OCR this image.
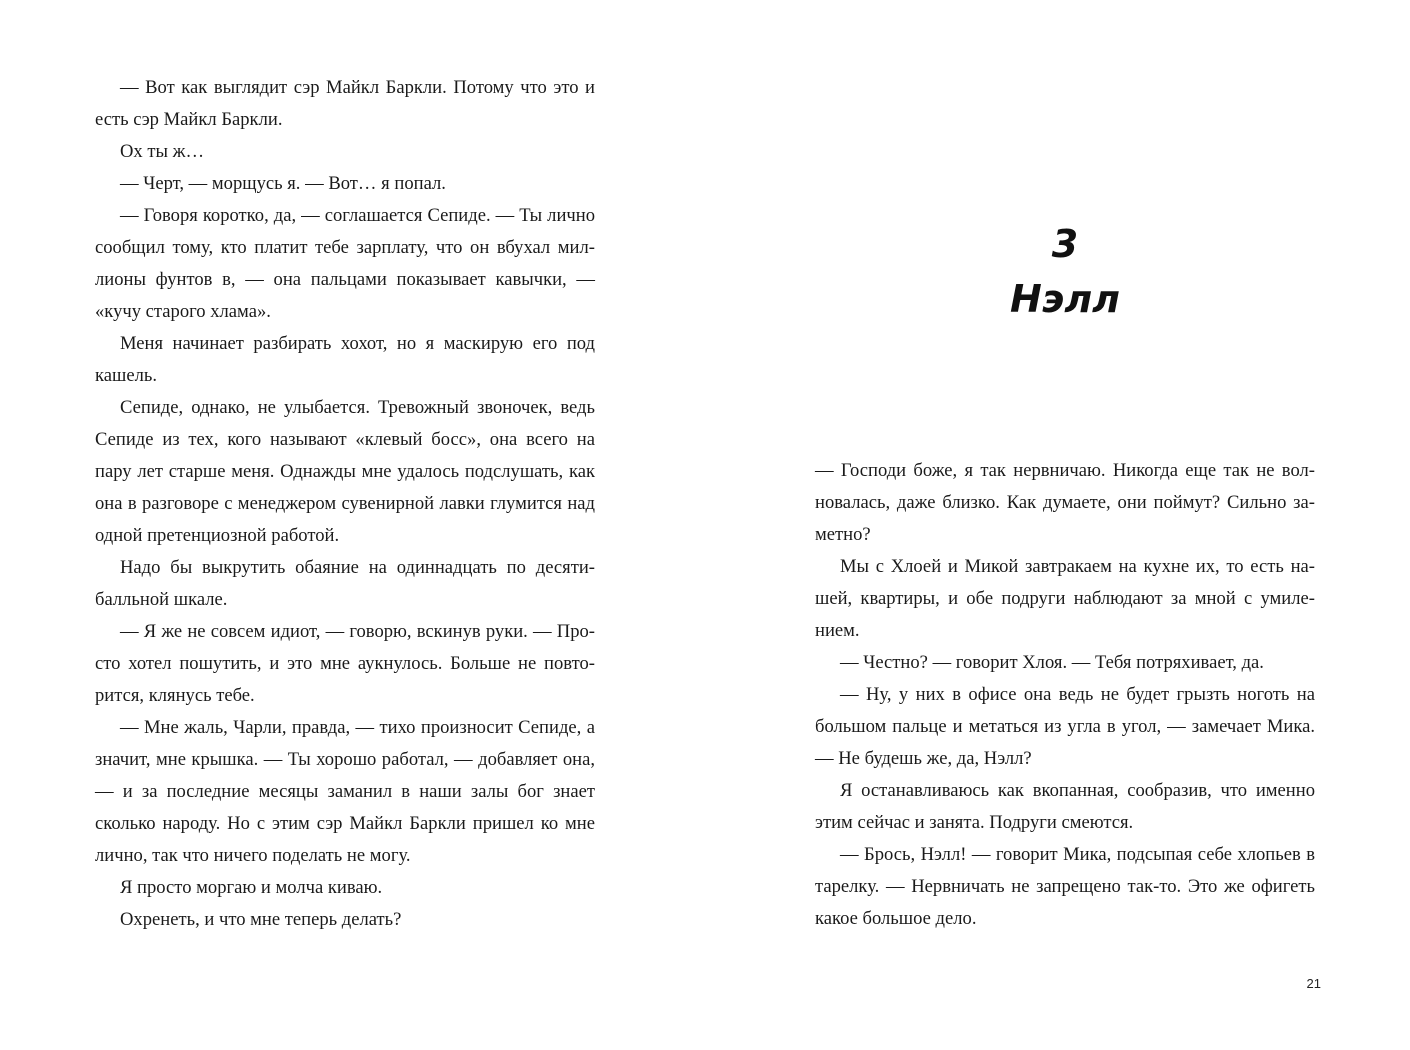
— Вот как выглядит сэр Майкл Баркли. Потому что это и есть сэр Майкл Баркли.

Ох ты ж…

— Черт, — морщусь я. — Вот… я попал.

— Говоря коротко, да, — соглашается Сепиде. — Ты лично сообщил тому, кто платит тебе зарплату, что он вбухал миллионы фунтов в, — она пальцами показывает кавычки, — «кучу старого хлама».

Меня начинает разбирать хохот, но я маскирую его под кашель.

Сепиде, однако, не улыбается. Тревожный звоночек, ведь Сепиде из тех, кого называют «клевый босс», она всего на пару лет старше меня. Однажды мне удалось подслушать, как она в разговоре с менеджером сувенирной лавки глумится над одной претенциозной работой.

Надо бы выкрутить обаяние на одиннадцать по десятибалльной шкале.

— Я же не совсем идиот, — говорю, вскинув руки. — Просто хотел пошутить, и это мне аукнулось. Больше не повторится, клянусь тебе.

— Мне жаль, Чарли, правда, — тихо произносит Сепиде, а значит, мне крышка. — Ты хорошо работал, — добавляет она, — и за последние месяцы заманил в наши залы бог знает сколько народу. Но с этим сэр Майкл Баркли пришел ко мне лично, так что ничего поделать не могу.

Я просто моргаю и молча киваю.

Охренеть, и что мне теперь делать?

3
Нэлл

— Господи боже, я так нервничаю. Никогда еще так не волновалась, даже близко. Как думаете, они поймут? Сильно заметно?

Мы с Хлоей и Микой завтракаем на кухне их, то есть нашей, квартиры, и обе подруги наблюдают за мной с умилением.

— Честно? — говорит Хлоя. — Тебя потряхивает, да.

— Ну, у них в офисе она ведь не будет грызть ноготь на большом пальце и метаться из угла в угол, — замечает Мика. — Не будешь же, да, Нэлл?

Я останавливаюсь как вкопанная, сообразив, что именно этим сейчас и занята. Подруги смеются.

— Брось, Нэлл! — говорит Мика, подсыпая себе хлопьев в тарелку. — Нервничать не запрещено так-то. Это же офигеть какое большое дело.

21
